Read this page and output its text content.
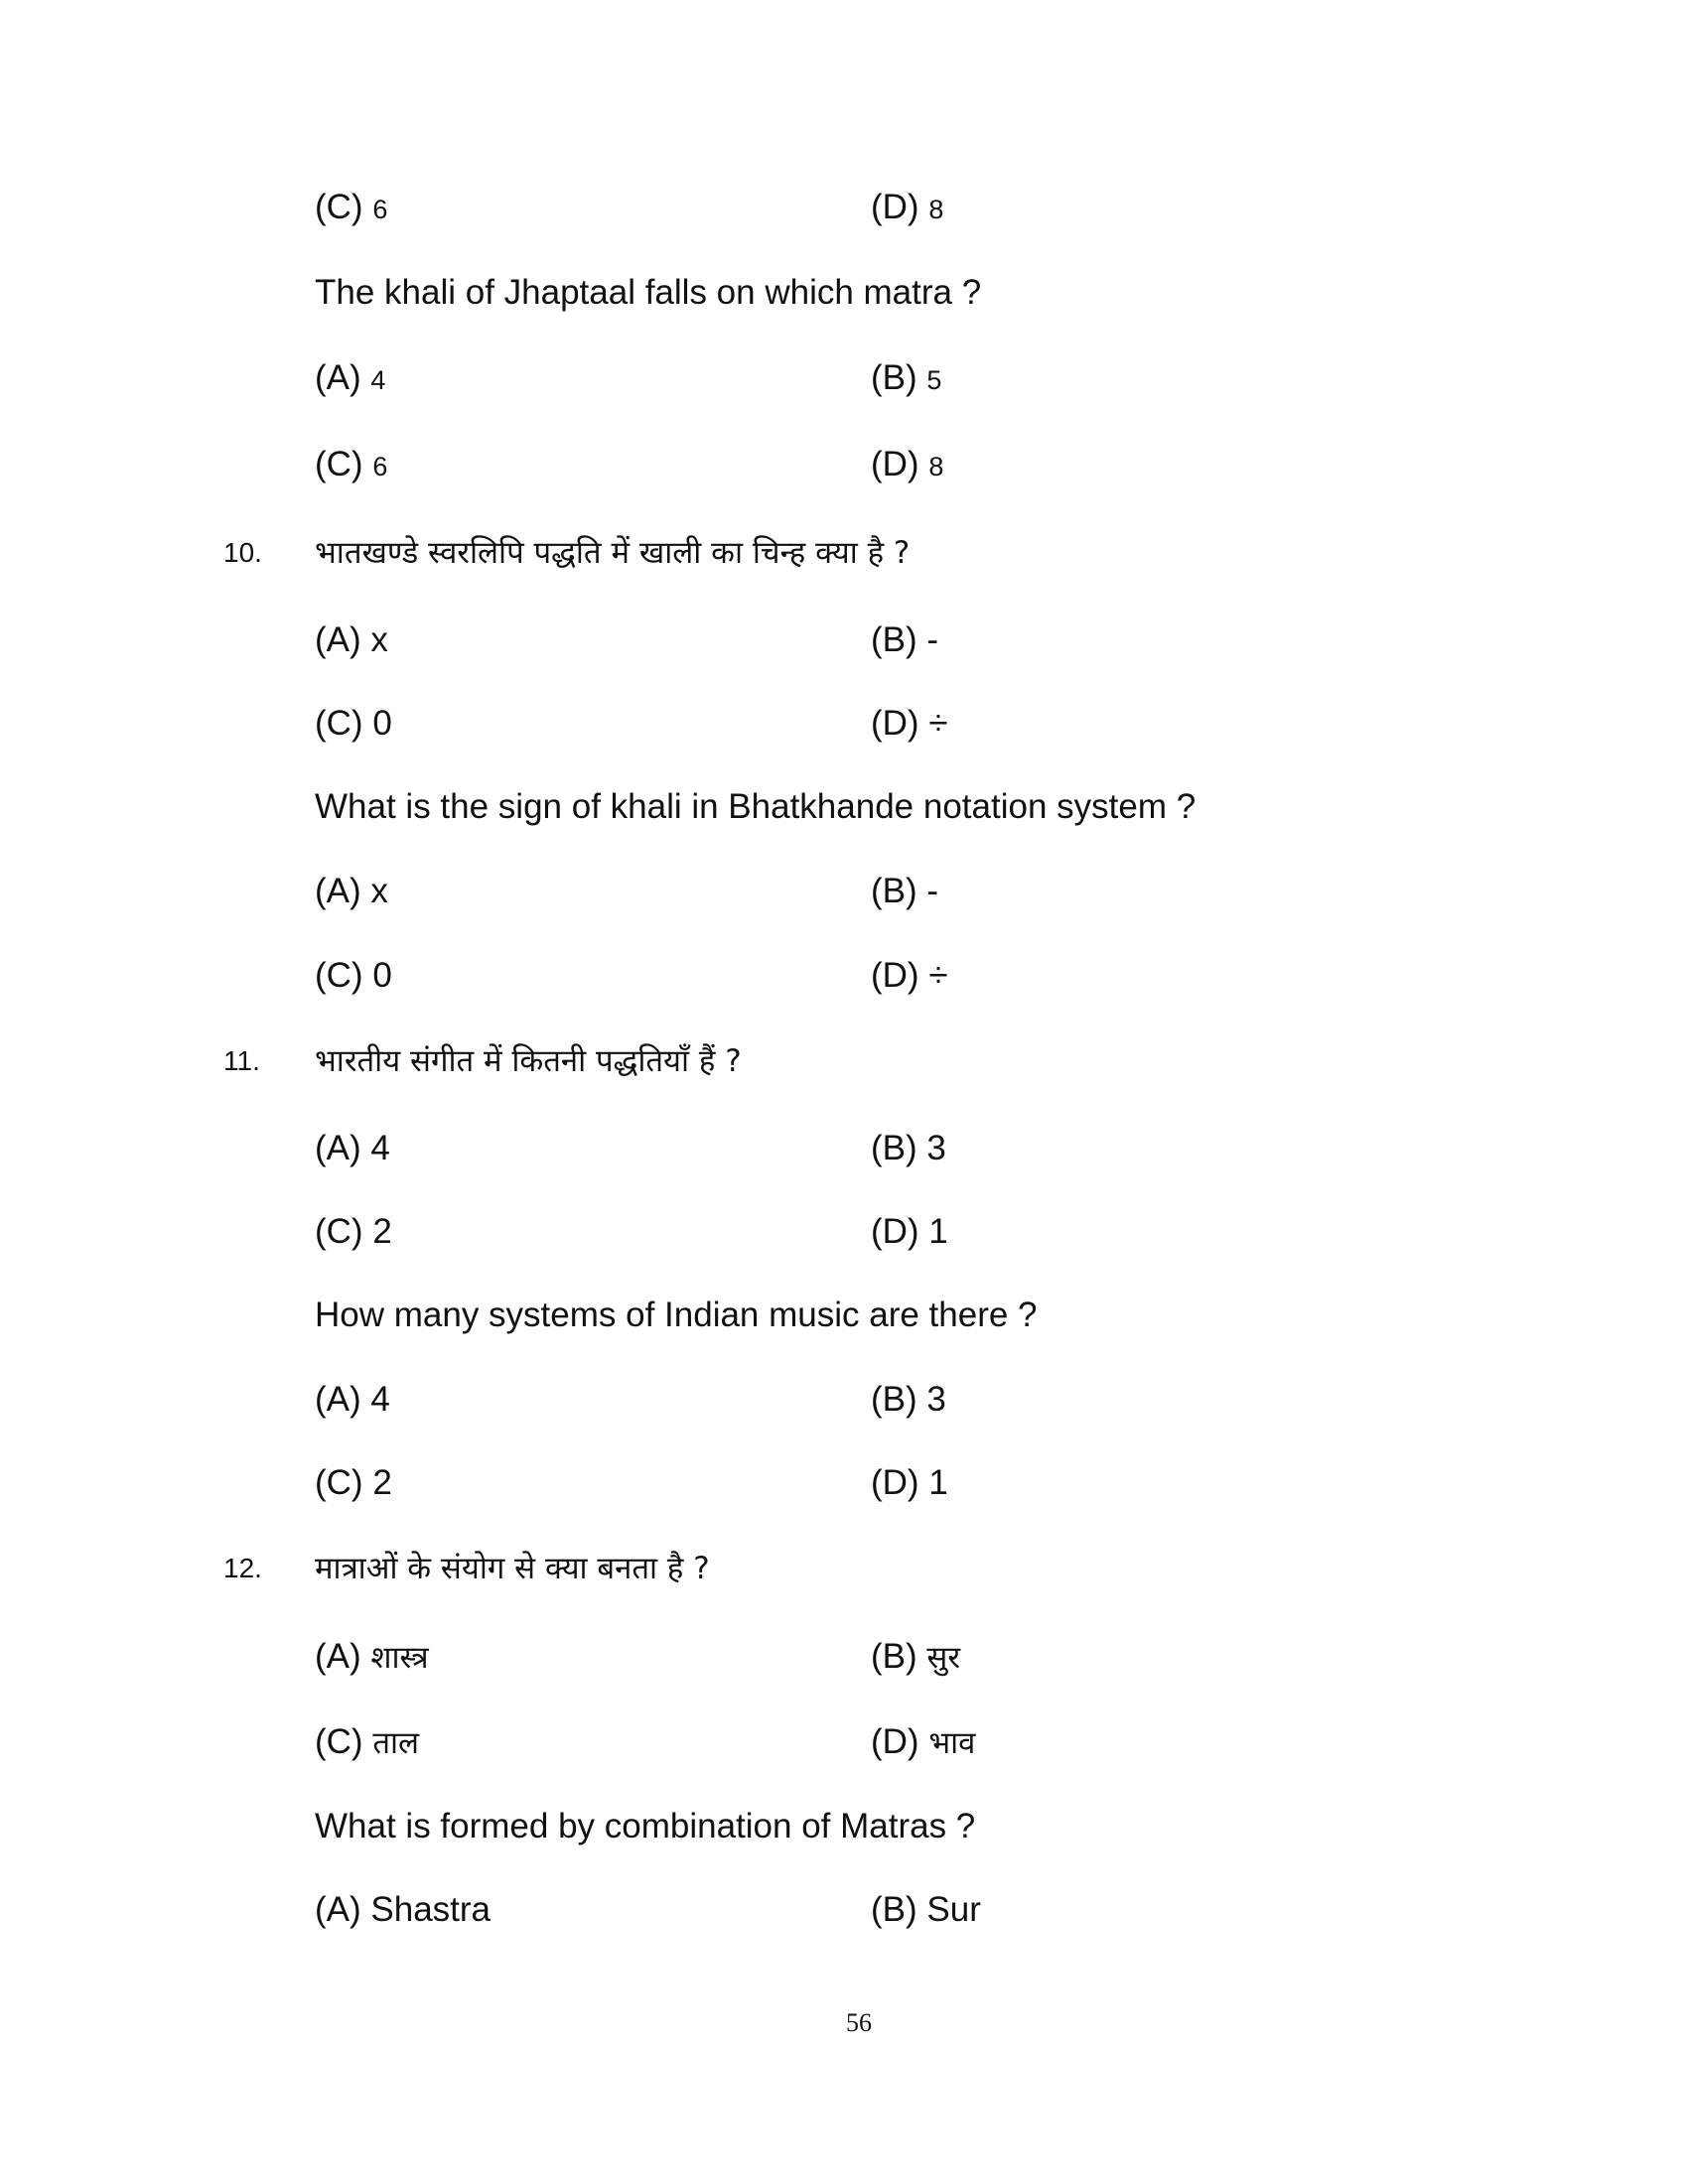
(C) 6	(D) 8
The khali of Jhaptaal falls on which matra ?
(A) 4	(B) 5
(C) 6	(D) 8
10. भातखण्डे स्वरलिपि पद्धति में खाली का चिन्ह क्या है ?
(A) x	(B) -
(C) 0	(D) ÷
What is the sign of khali in Bhatkhande notation system ?
(A) x	(B) -
(C) 0	(D) ÷
11. भारतीय संगीत में कितनी पद्धतियाँ हैं ?
(A) 4	(B) 3
(C) 2	(D) 1
How many systems of Indian music are there ?
(A) 4	(B) 3
(C) 2	(D) 1
12. मात्राओं के संयोग से क्या बनता है ?
(A) शास्त्र	(B) सुर
(C) ताल	(D) भाव
What is formed by combination of Matras ?
(A) Shastra	(B) Sur
56
